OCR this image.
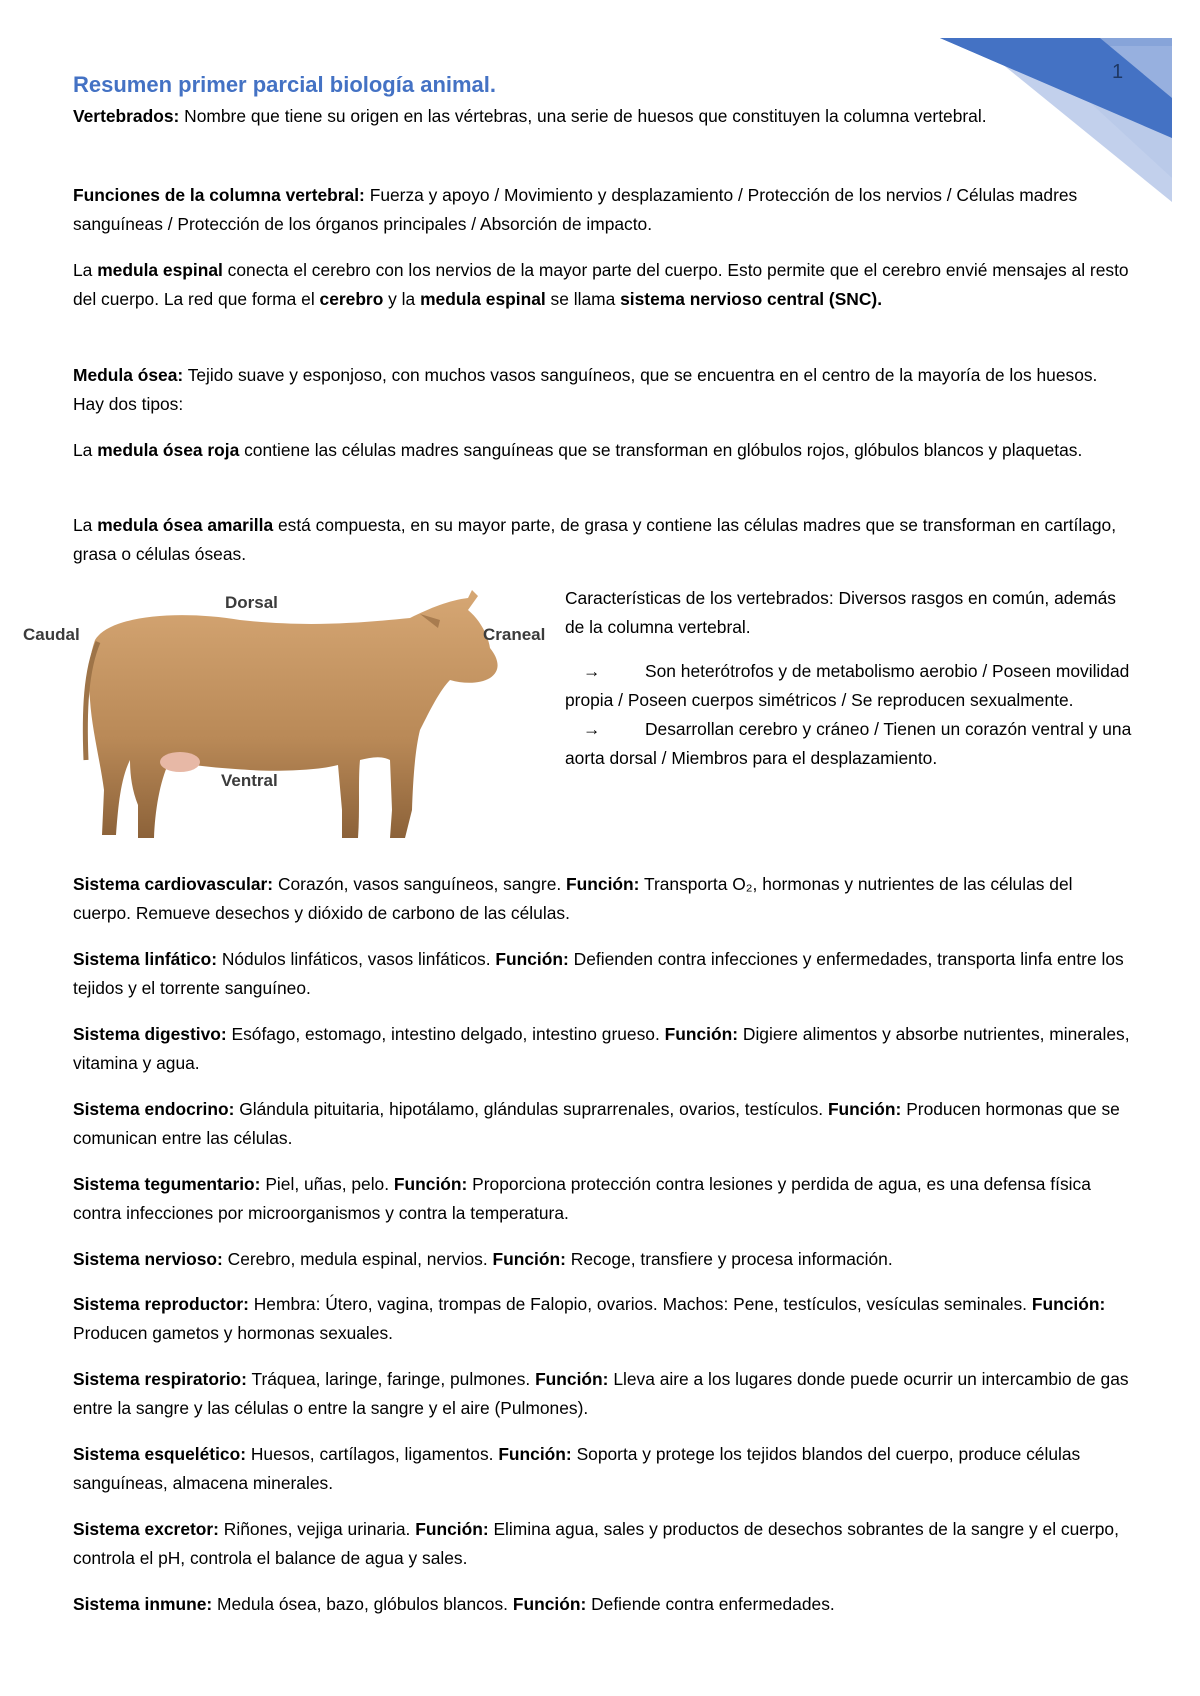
1
Resumen primer parcial biología animal.

Vertebrados: Nombre que tiene su origen en las vértebras, una serie de huesos que constituyen la columna vertebral.

Funciones de la columna vertebral: Fuerza y apoyo / Movimiento y desplazamiento / Protección de los nervios / Células madres sanguíneas / Protección de los órganos principales / Absorción de impacto.

La medula espinal conecta el cerebro con los nervios de la mayor parte del cuerpo. Esto permite que el cerebro envié mensajes al resto del cuerpo. La red que forma el cerebro y la medula espinal se llama sistema nervioso central (SNC).

Medula ósea: Tejido suave y esponjoso, con muchos vasos sanguíneos, que se encuentra en el centro de la mayoría de los huesos. Hay dos tipos:

La medula ósea roja contiene las células madres sanguíneas que se transforman en glóbulos rojos, glóbulos blancos y plaquetas.

La medula ósea amarilla está compuesta, en su mayor parte, de grasa y contiene las células madres que se transforman en cartílago, grasa o células óseas.

Dorsal
Caudal	Craneal
Ventral

Características de los vertebrados: Diversos rasgos en común, además de la columna vertebral.

→	Son heterótrofos y de metabolismo aerobio / Poseen movilidad propia / Poseen cuerpos simétricos / Se reproducen sexualmente.
→	Desarrollan cerebro y cráneo / Tienen un corazón ventral y una aorta dorsal / Miembros para el desplazamiento.

Sistema cardiovascular: Corazón, vasos sanguíneos, sangre. Función: Transporta O₂, hormonas y nutrientes de las células del cuerpo. Remueve desechos y dióxido de carbono de las células.

Sistema linfático: Nódulos linfáticos, vasos linfáticos. Función: Defienden contra infecciones y enfermedades, transporta linfa entre los tejidos y el torrente sanguíneo.

Sistema digestivo: Esófago, estomago, intestino delgado, intestino grueso. Función: Digiere alimentos y absorbe nutrientes, minerales, vitamina y agua.

Sistema endocrino: Glándula pituitaria, hipotálamo, glándulas suprarrenales, ovarios, testículos. Función: Producen hormonas que se comunican entre las células.

Sistema tegumentario: Piel, uñas, pelo. Función: Proporciona protección contra lesiones y perdida de agua, es una defensa física contra infecciones por microorganismos y contra la temperatura.

Sistema nervioso: Cerebro, medula espinal, nervios. Función: Recoge, transfiere y procesa información.

Sistema reproductor: Hembra: Útero, vagina, trompas de Falopio, ovarios. Machos: Pene, testículos, vesículas seminales. Función: Producen gametos y hormonas sexuales.

Sistema respiratorio: Tráquea, laringe, faringe, pulmones. Función: Lleva aire a los lugares donde puede ocurrir un intercambio de gas entre la sangre y las células o entre la sangre y el aire (Pulmones).

Sistema esquelético: Huesos, cartílagos, ligamentos. Función: Soporta y protege los tejidos blandos del cuerpo, produce células sanguíneas, almacena minerales.

Sistema excretor: Riñones, vejiga urinaria. Función: Elimina agua, sales y productos de desechos sobrantes de la sangre y el cuerpo, controla el pH, controla el balance de agua y sales.

Sistema inmune: Medula ósea, bazo, glóbulos blancos. Función: Defiende contra enfermedades.
